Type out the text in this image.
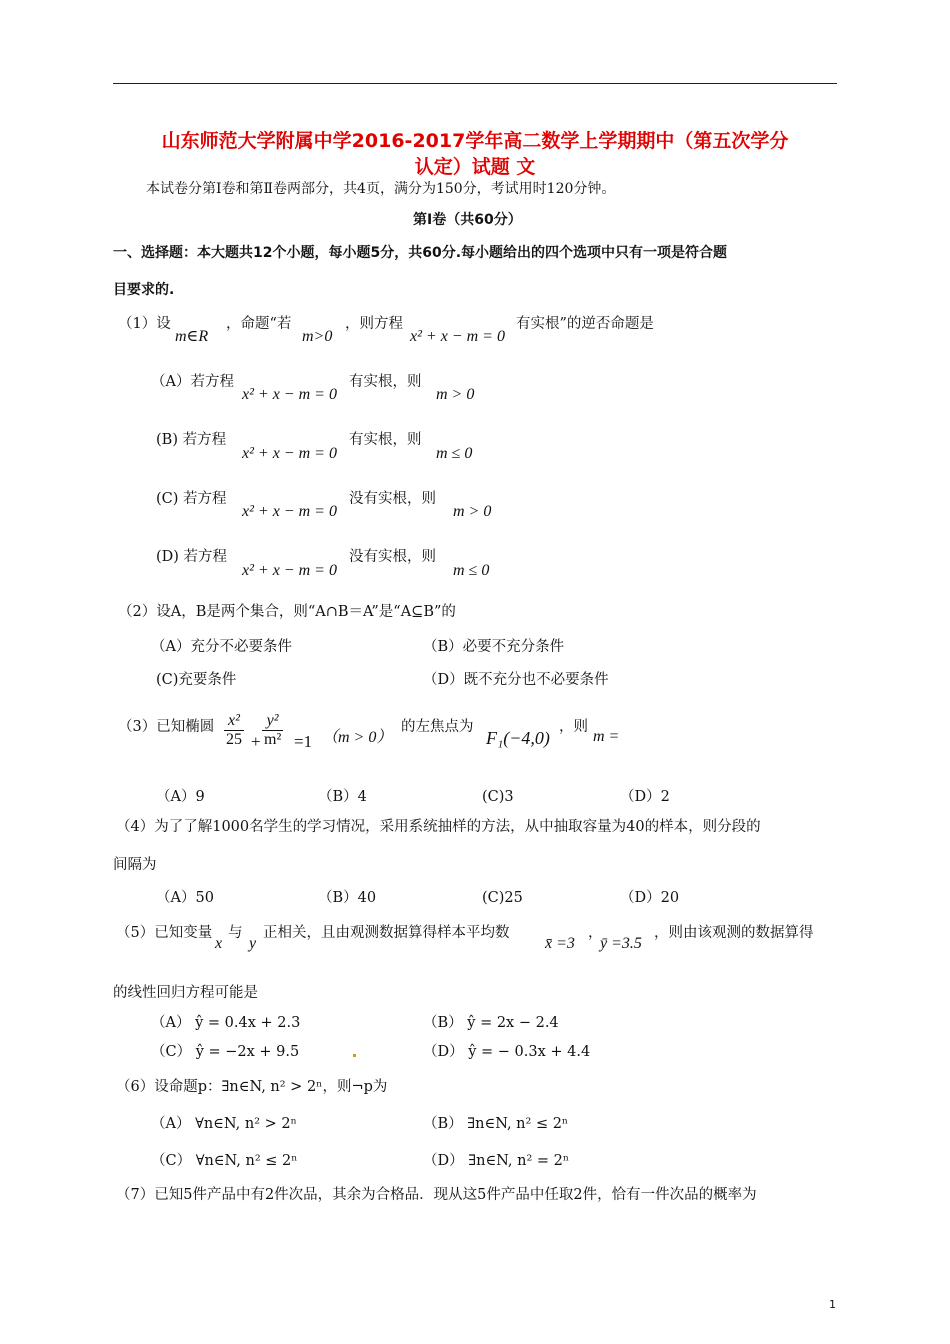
山东师范大学附属中学2016-2017学年高二数学上学期期中（第五次学分
认定）试题 文
本试卷分第Ⅰ卷和第Ⅱ卷两部分，共4页，满分为150分，考试用时120分钟。
第Ⅰ卷（共60分）
一、选择题：本大题共12个小题，每小题5分，共60分.每小题给出的四个选项中只有一项是符合题
目要求的.
（1）设
m∈R
，命题“若
m>0
，则方程
x² + x − m = 0
有实根”的逆否命题是
（A）若方程
x² + x − m = 0
有实根，则
m > 0
(B) 若方程
x² + x − m = 0
有实根，则
m ≤ 0
(C) 若方程
x² + x − m = 0
没有实根，则
m > 0
(D) 若方程
x² + x − m = 0
没有实根，则
m ≤ 0
（2）设A，B是两个集合，则“A∩B＝A”是“A⊆B”的
（A）充分不必要条件	（B）必要不充分条件
(C)充要条件	（D）既不充分也不必要条件
（3）已知椭圆 $\frac{\text{x²}}{25} + \frac{\text{y²}}{\text{m²}} =1$ （m > 0）
的左焦点为
F₁(−4,0)
，则
m =
（A）9	（B）4	(C)3	（D）2
（4）为了了解1000名学生的学习情况，采用系统抽样的方法，从中抽取容量为40的样本，则分段的
间隔为
（A）50	（B）40	(C)25	（D）20
（5）已知变量
x
与
y
正相关，且由观测数据算得样本平均数
x̄ =3
，
ȳ =3.5
，则由该观测的数据算得
的线性回归方程可能是
（A） ŷ = 0.4x + 2.3	（B） ŷ = 2x − 2.4
（C） ŷ = −2x + 9.5	（D） ŷ = − 0.3x + 4.4
（6）设命题p：∃n∈N, n² > 2ⁿ，则¬p为
（A） ∀n∈N, n² > 2ⁿ	（B） ∃n∈N, n² ≤ 2ⁿ
（C） ∀n∈N, n² ≤ 2ⁿ	（D） ∃n∈N, n² = 2ⁿ
（7）已知5件产品中有2件次品，其余为合格品．现从这5件产品中任取2件，恰有一件次品的概率为
1
